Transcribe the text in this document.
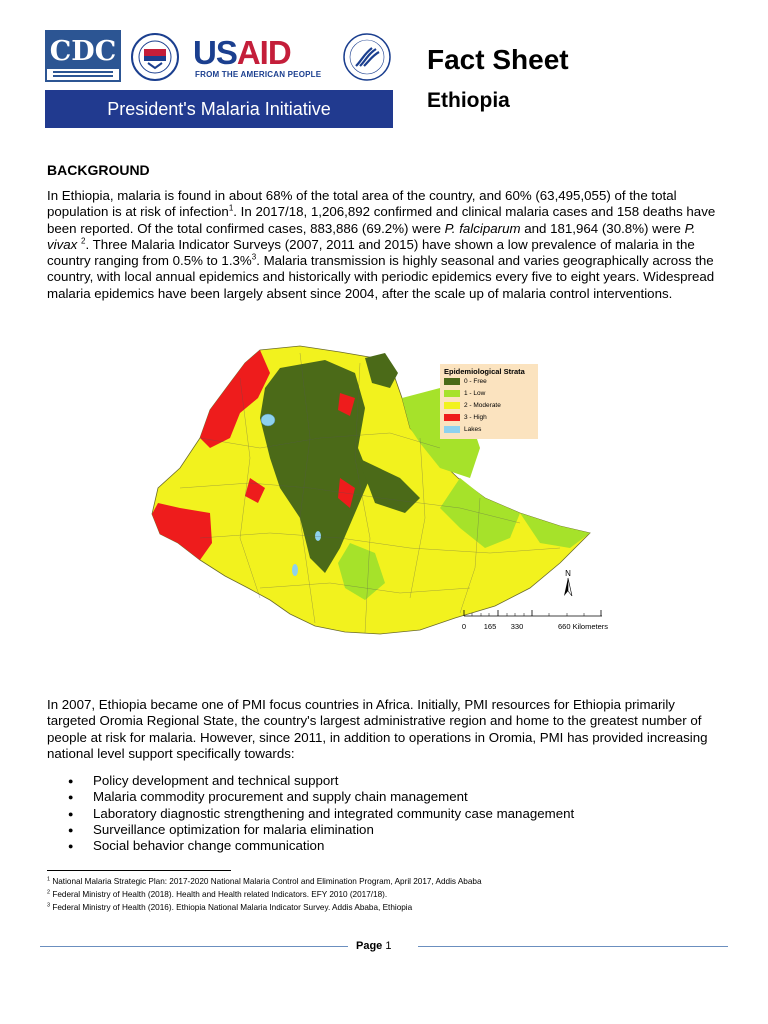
CDC USAID
FROM THE AMERICAN PEOPLE
President's Malaria Initiative
Fact Sheet
Ethiopia
BACKGROUND
In Ethiopia, malaria is found in about 68% of the total area of the country, and 60% (63,495,055) of the total population is at risk of infection$^1$. In 2017/18, 1,206,892 confirmed and clinical malaria cases and 158 deaths have been reported. Of the total confirmed cases, 883,886 (69.2%) were P. falciparum and 181,964 (30.8%) were P. vivax $^2$. Three Malaria Indicator Surveys (2007, 2011 and 2015) have shown a low prevalence of malaria in the country ranging from 0.5% to 1.3%$^3$. Malaria transmission is highly seasonal and varies geographically across the country, with local annual epidemics and historically with periodic epidemics every five to eight years. Widespread malaria epidemics have been largely absent since 2004, after the scale up of malaria control interventions.
Epidemiological Strata
0 - Free
1 - Low
2 - Moderate
3 - High
Lakes
N
0 165 330	660 Kilometers
In 2007, Ethiopia became one of PMI focus countries in Africa. Initially, PMI resources for Ethiopia primarily targeted Oromia Regional State, the country's largest administrative region and home to the greatest number of people at risk for malaria. However, since 2011, in addition to operations in Oromia, PMI has provided increasing national level support specifically towards:
● Policy development and technical support
● Malaria commodity procurement and supply chain management
● Laboratory diagnostic strengthening and integrated community case management
● Surveillance optimization for malaria elimination
● Social behavior change communication
$^1$ National Malaria Strategic Plan: 2017-2020 National Malaria Control and Elimination Program, April 2017, Addis Ababa
$^2$ Federal Ministry of Health (2018). Health and Health related Indicators. EFY 2010 (2017/18).
$^3$ Federal Ministry of Health (2016). Ethiopia National Malaria Indicator Survey. Addis Ababa, Ethiopia
Page 1
